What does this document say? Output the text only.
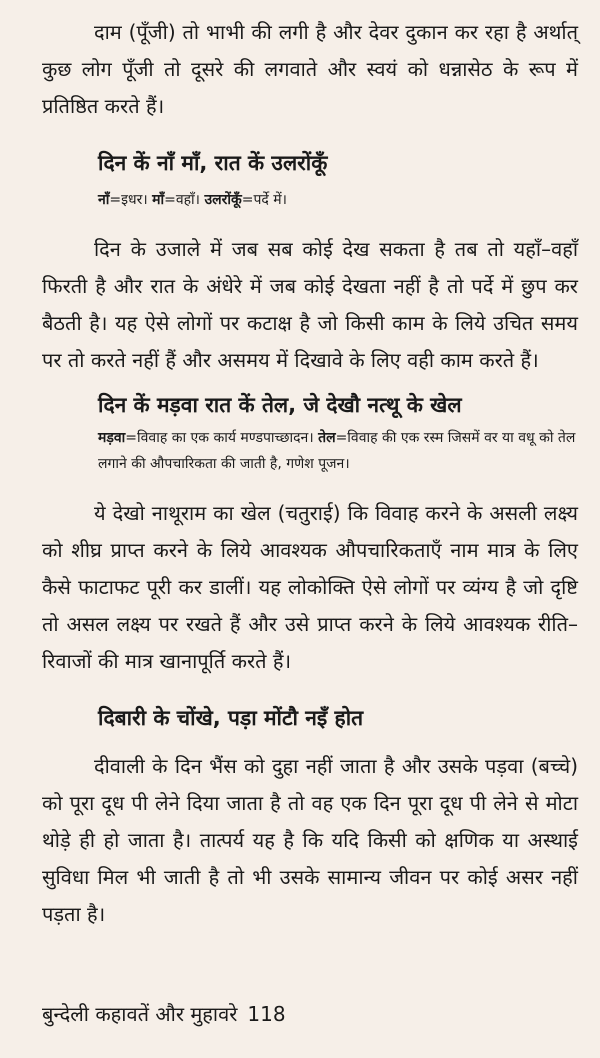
दाम (पूँजी) तो भाभी की लगी है और देवर दुकान कर रहा है अर्थात् कुछ लोग पूँजी तो दूसरे की लगवाते और स्वयं को धन्नासेठ के रूप में प्रतिष्ठित करते हैं।

दिन कें नाँ माँ, रात कें उलरोंकूँ

नाँ=इधर। माँ=वहाँ। उलरोंकूँ=पर्दे में।

दिन के उजाले में जब सब कोई देख सकता है तब तो यहाँ–वहाँ फिरती है और रात के अंधेरे में जब कोई देखता नहीं है तो पर्दे में छुप कर बैठती है। यह ऐसे लोगों पर कटाक्ष है जो किसी काम के लिये उचित समय पर तो करते नहीं हैं और असमय में दिखावे के लिए वही काम करते हैं।

दिन कें मड़वा रात कें तेल, जे देखौ नत्थू के खेल

मड़वा=विवाह का एक कार्य मण्डपाच्छादन। तेल=विवाह की एक रस्म जिसमें वर या वधू को तेल लगाने की औपचारिकता की जाती है, गणेश पूजन।

ये देखो नाथूराम का खेल (चतुराई) कि विवाह करने के असली लक्ष्य को शीघ्र प्राप्त करने के लिये आवश्यक औपचारिकताएँ नाम मात्र के लिए कैसे फाटाफट पूरी कर डालीं। यह लोकोक्ति ऐसे लोगों पर व्यंग्य है जो दृष्टि तो असल लक्ष्य पर रखते हैं और उसे प्राप्त करने के लिये आवश्यक रीति–रिवाजों की मात्र खानापूर्ति करते हैं।

दिबारी के चोंखे, पड़ा मोंटौ नइँ होत

दीवाली के दिन भैंस को दुहा नहीं जाता है और उसके पड़वा (बच्चे) को पूरा दूध पी लेने दिया जाता है तो वह एक दिन पूरा दूध पी लेने से मोटा थोड़े ही हो जाता है। तात्पर्य यह है कि यदि किसी को क्षणिक या अस्थाई सुविधा मिल भी जाती है तो भी उसके सामान्य जीवन पर कोई असर नहीं पड़ता है।

बुन्देली कहावतें और मुहावरे 118
